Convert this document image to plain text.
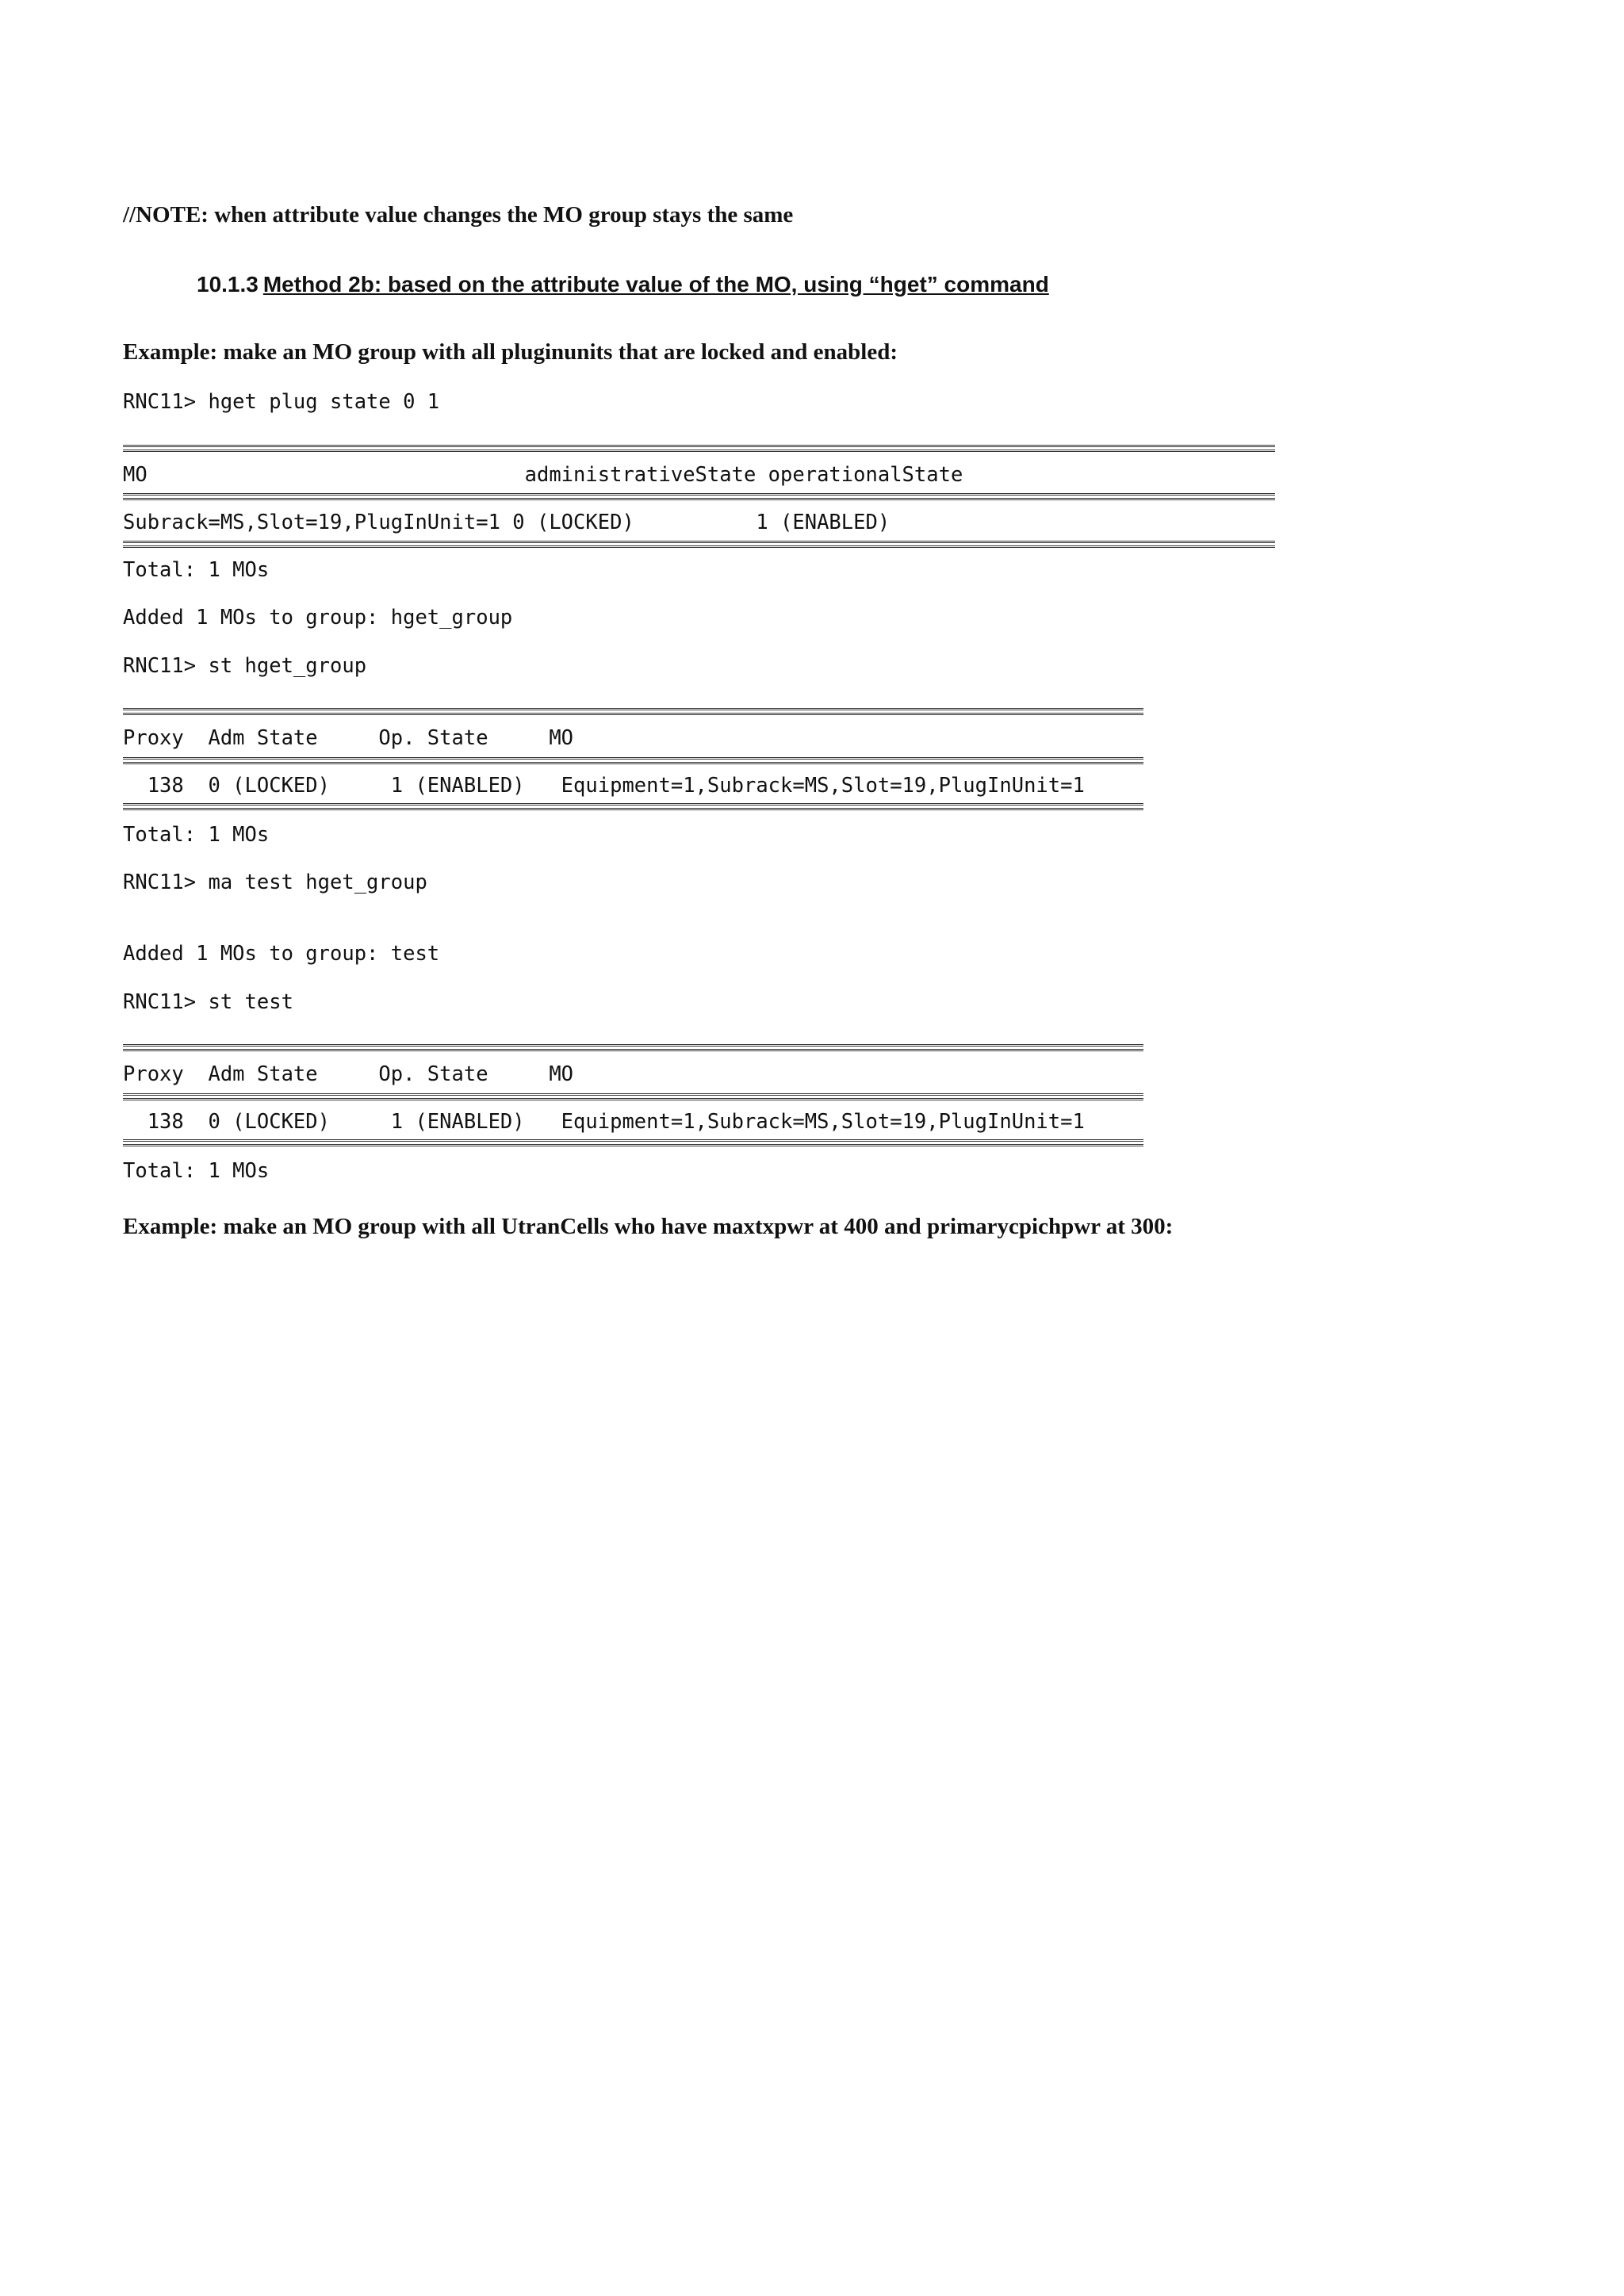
//NOTE: when attribute value changes the MO group stays the same
10.1.3 Method 2b: based on the attribute value of the MO, using “hget” command
Example: make an MO group with all pluginunits that are locked and enabled:
RNC11> hget plug state 0 1
MO                               administrativeState operationalState
Subrack=MS,Slot=19,PlugInUnit=1 0 (LOCKED)          1 (ENABLED)
Total: 1 MOs
Added 1 MOs to group: hget_group
RNC11> st hget_group
Proxy  Adm State     Op. State     MO
138  0 (LOCKED)     1 (ENABLED)   Equipment=1,Subrack=MS,Slot=19,PlugInUnit=1
Total: 1 MOs
RNC11> ma test hget_group
Added 1 MOs to group: test
RNC11> st test
Proxy  Adm State     Op. State     MO
138  0 (LOCKED)     1 (ENABLED)   Equipment=1,Subrack=MS,Slot=19,PlugInUnit=1
Total: 1 MOs
Example: make an MO group with all UtranCells who have maxtxpwr at 400 and primarycpichpwr at 300:
